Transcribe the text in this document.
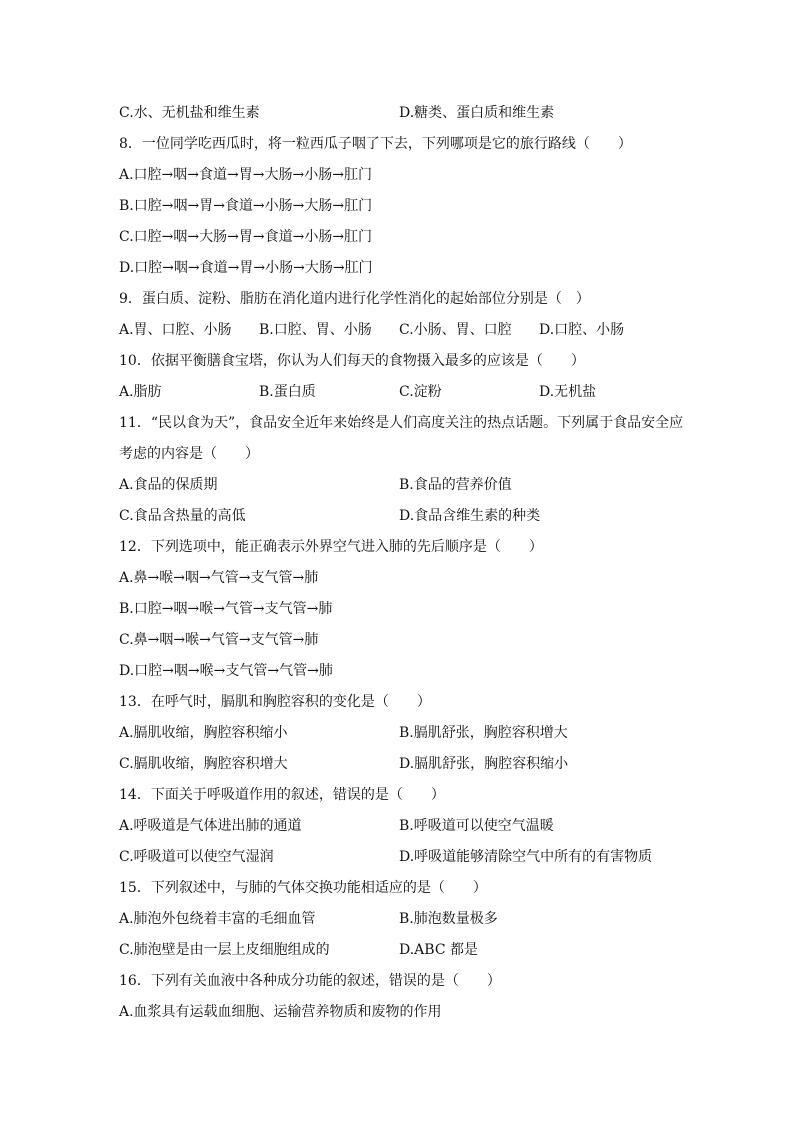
C.水、无机盐和维生素	D.糖类、蛋白质和维生素
8．一位同学吃西瓜时，将一粒西瓜子咽了下去，下列哪项是它的旅行路线（　　）
A.口腔→咽→食道→胃→大肠→小肠→肛门
B.口腔→咽→胃→食道→小肠→大肠→肛门
C.口腔→咽→大肠→胃→食道→小肠→肛门
D.口腔→咽→食道→胃→小肠→大肠→肛门
9．蛋白质、淀粉、脂肪在消化道内进行化学性消化的起始部位分别是（　）
A.胃、口腔、小肠	B.口腔、胃、小肠	C.小肠、胃、口腔	D.口腔、小肠
10．依据平衡膳食宝塔，你认为人们每天的食物摄入最多的应该是（　　）
A.脂肪	B.蛋白质	C.淀粉	D.无机盐
11．“民以食为天”，食品安全近年来始终是人们高度关注的热点话题。下列属于食品安全应
考虑的内容是（　　）
A.食品的保质期	B.食品的营养价值
C.食品含热量的高低	D.食品含维生素的种类
12．下列选项中，能正确表示外界空气进入肺的先后顺序是（　　）
A.鼻→喉→咽→气管→支气管→肺
B.口腔→咽→喉→气管→支气管→肺
C.鼻→咽→喉→气管→支气管→肺
D.口腔→咽→喉→支气管→气管→肺
13．在呼气时，膈肌和胸腔容积的变化是（　　）
A.膈肌收缩，胸腔容积缩小	B.膈肌舒张，胸腔容积增大
C.膈肌收缩，胸腔容积增大	D.膈肌舒张，胸腔容积缩小
14．下面关于呼吸道作用的叙述，错误的是（　　）
A.呼吸道是气体进出肺的通道	B.呼吸道可以使空气温暖
C.呼吸道可以使空气湿润	D.呼吸道能够清除空气中所有的有害物质
15．下列叙述中，与肺的气体交换功能相适应的是（　　）
A.肺泡外包绕着丰富的毛细血管	B.肺泡数量极多
C.肺泡壁是由一层上皮细胞组成的	D.ABC 都是
16．下列有关血液中各种成分功能的叙述，错误的是（　　）
A.血浆具有运载血细胞、运输营养物质和废物的作用
